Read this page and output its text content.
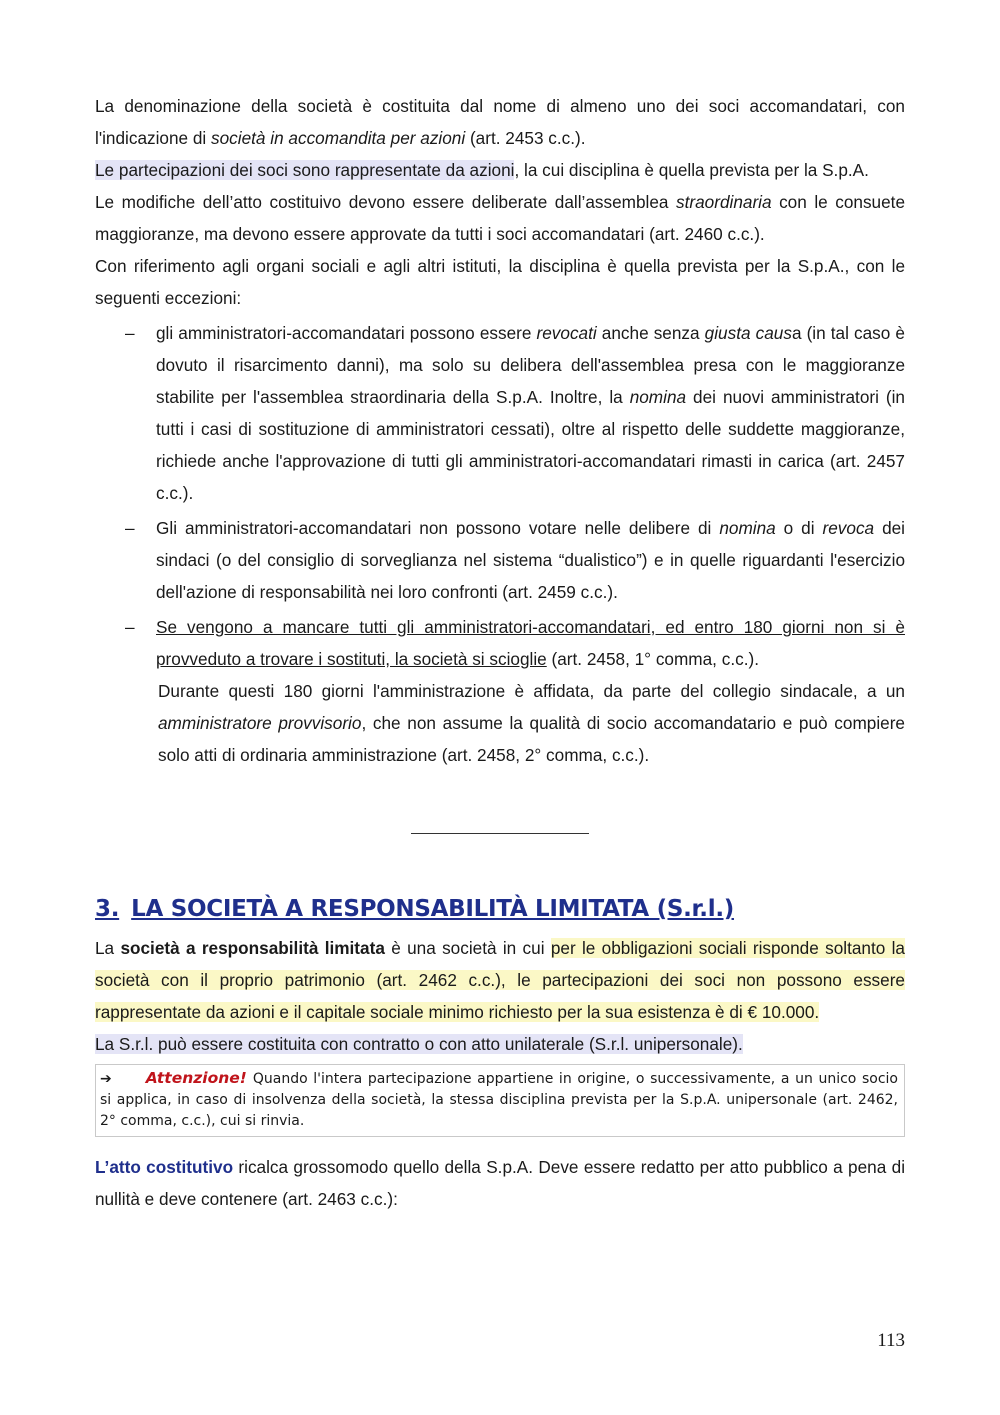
La denominazione della società è costituita dal nome di almeno uno dei soci accomandatari, con l'indicazione di società in accomandita per azioni (art. 2453 c.c.).

Le partecipazioni dei soci sono rappresentate da azioni, la cui disciplina è quella prevista per la S.p.A.

Le modifiche dell’atto costituivo devono essere deliberate dall’assemblea straordinaria con le consuete maggioranze, ma devono essere approvate da tutti i soci accomandatari (art. 2460 c.c.).

Con riferimento agli organi sociali e agli altri istituti, la disciplina è quella prevista per la S.p.A., con le seguenti eccezioni:

– gli amministratori-accomandatari possono essere revocati anche senza giusta causa (in tal caso è dovuto il risarcimento danni), ma solo su delibera dell'assemblea presa con le maggioranze stabilite per l'assemblea straordinaria della S.p.A. Inoltre, la nomina dei nuovi amministratori (in tutti i casi di sostituzione di amministratori cessati), oltre al rispetto delle suddette maggioranze, richiede anche l'approvazione di tutti gli amministratori-accomandatari rimasti in carica (art. 2457 c.c.).
– Gli amministratori-accomandatari non possono votare nelle delibere di nomina o di revoca dei sindaci (o del consiglio di sorveglianza nel sistema “dualistico”) e in quelle riguardanti l'esercizio dell'azione di responsabilità nei loro confronti (art. 2459 c.c.).
– Se vengono a mancare tutti gli amministratori-accomandatari, ed entro 180 giorni non si è provveduto a trovare i sostituti, la società si scioglie (art. 2458, 1° comma, c.c.).
Durante questi 180 giorni l'amministrazione è affidata, da parte del collegio sindacale, a un amministratore provvisorio, che non assume la qualità di socio accomandatario e può compiere solo atti di ordinaria amministrazione (art. 2458, 2° comma, c.c.).
3. LA SOCIETÀ A RESPONSABILITÀ LIMITATA (S.r.l.)

La società a responsabilità limitata è una società in cui per le obbligazioni sociali risponde soltanto la società con il proprio patrimonio (art. 2462 c.c.), le partecipazioni dei soci non possono essere rappresentate da azioni e il capitale sociale minimo richiesto per la sua esistenza è di € 10.000.

La S.r.l. può essere costituita con contratto o con atto unilaterale (S.r.l. unipersonale).

➔ Attenzione! Quando l'intera partecipazione appartiene in origine, o successivamente, a un unico socio si applica, in caso di insolvenza della società, la stessa disciplina prevista per la S.p.A. unipersonale (art. 2462, 2° comma, c.c.), cui si rinvia.

L’atto costitutivo ricalca grossomodo quello della S.p.A. Deve essere redatto per atto pubblico a pena di nullità e deve contenere (art. 2463 c.c.):

113
